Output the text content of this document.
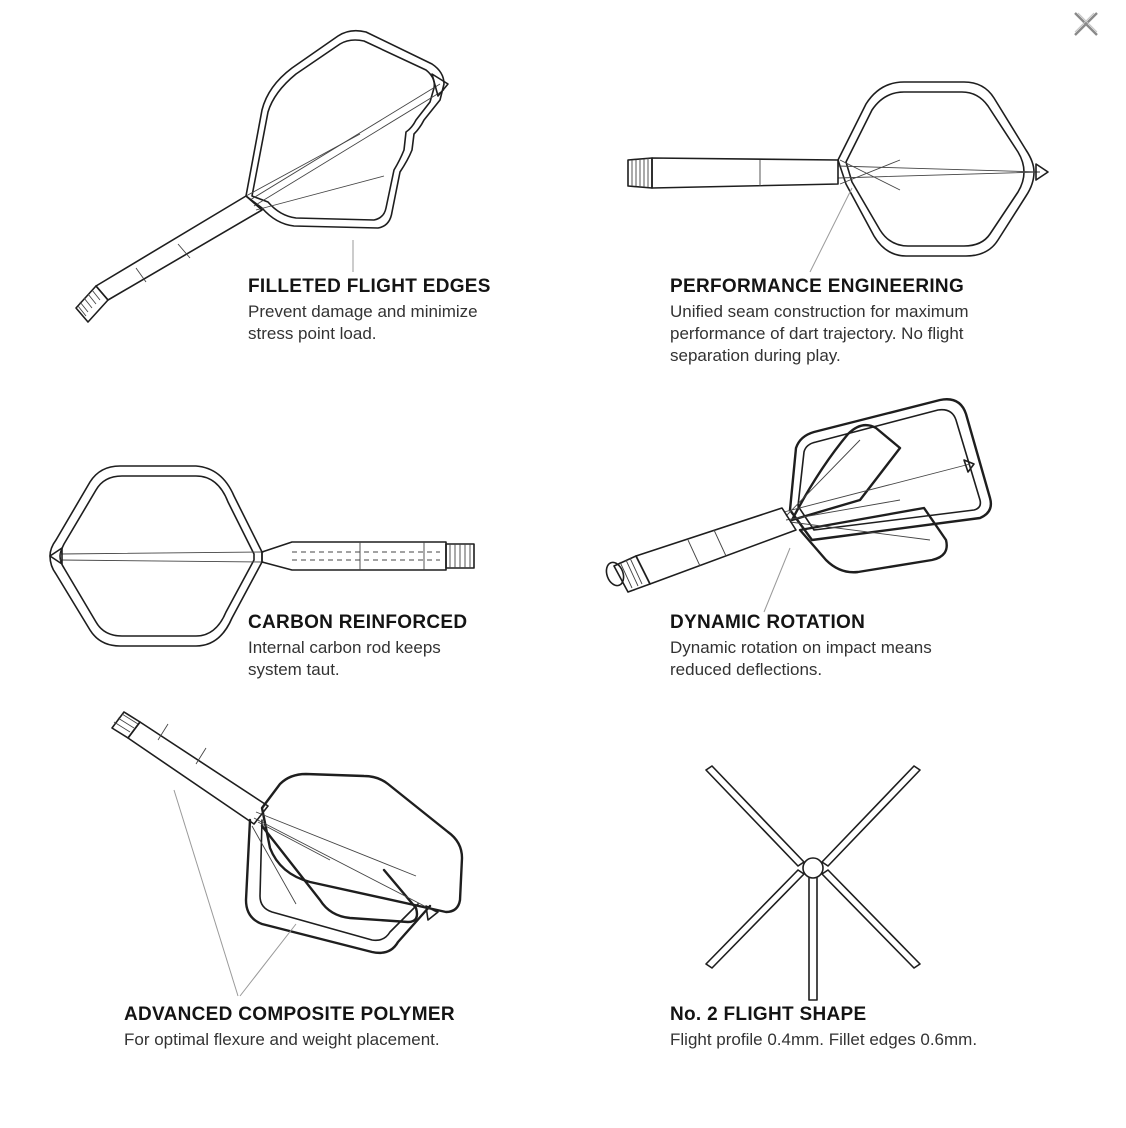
FILLETED FLIGHT EDGES

Prevent damage and minimize

stress point load.

PERFORMANCE ENGINEERING

Unified seam construction for maximum

performance of dart trajectory. No flight

separation during play.

CARBON REINFORCED

Internal carbon rod keeps

system taut.

DYNAMIC ROTATION

Dynamic rotation on impact means

reduced deflections.

ADVANCED COMPOSITE POLYMER

For optimal flexure and weight placement.

No. 2 FLIGHT SHAPE

Flight profile 0.4mm. Fillet edges 0.6mm.
